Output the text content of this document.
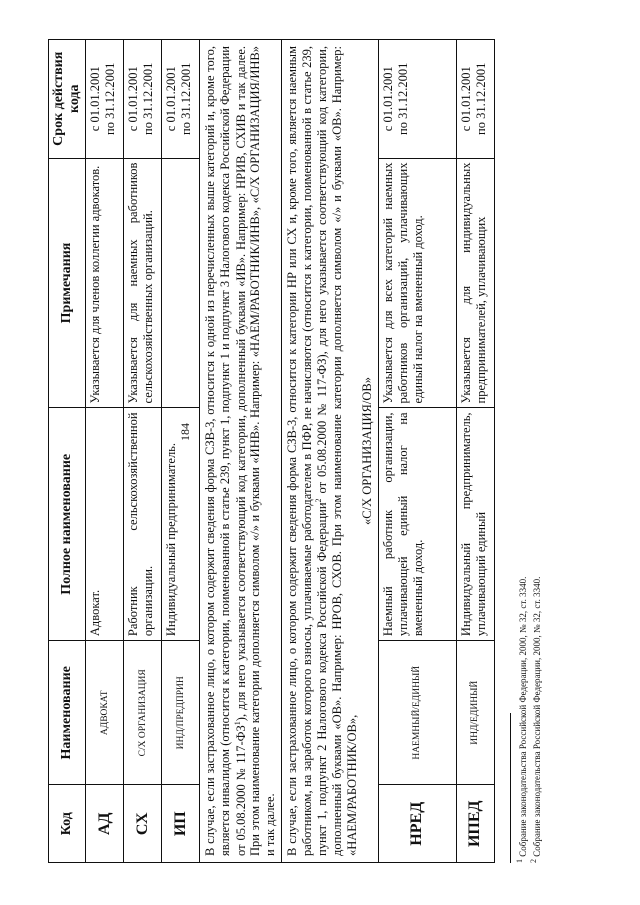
184
Код	Наименование	Полное наименование	Примечания	Срок действия кода
АД	АДВОКАТ	Адвокат.	Указывается для членов коллегии адвокатов.	с 01.01.2001 по 31.12.2001

СХ	С/Х ОРГАНИЗАЦИЯ	Работник сельскохозяйственной организации.	Указывается для наемных работников сельскохозяйственных организаций.	с 01.01.2001 по 31.12.2001

ИП	ИНД/ПРЕДПРИН	Индивидуальный предприниматель.		с 01.01.2001 по 31.12.2001

В случае, если застрахованное лицо, о котором содержит сведения форма СЗВ-3, относится к одной из перечисленных выше категорий и, кроме того, является инвалидом (относится к категории, поименованной в статье 239, пункт 1, подпункт 1 и подпункт 3 Налогового кодекса Российской Федерации от 05.08.2000 № $117-ФЗ^1$), для него указывается соответствующий код категории, дополненный буквами «ИВ». Например: НРИВ, СХИВ и так далее. При этом наименование категории дополняется символом «/» и буквами «ИНВ». Например: «НАЕМ/РАБОТНИК/ИНВ», «С/Х ОРГАНИЗАЦИЯ/ИНВ» и так далее.				
В случае, если застрахованное лицо, о котором содержит сведения форма СЗВ-3, относится к категории НР или СХ и, кроме того, является наемным работником, на заработок которого взносы, уплачиваемые работодателем в ПФР, не начисляются (относится к категории, поименованной в статье 239, пункт 1, подпункт 2 Налогового кодекса Российской Федерации$^2$ от 05.08.2000 № 117-ФЗ), для него указывается соответствующий код категории, дополненный буквами «ОВ». Например: НРОВ, СХОВ. При этом наименование категории дополняется символом «/» и буквами «ОВ». Например: «НАЕМ/РАБОТНИК/ОВ»,
«С/Х ОРГАНИЗАЦИЯ/ОВ»				

НРЕД	НАЕМНЫЙ/ЕДИНЫЙ	Наемный работник организации, уплачивающей единый налог на вмененный доход.	Указывается для всех категорий наемных работников организаций, уплачивающих единый налог на вмененный доход.	с 01.01.2001 по 31.12.2001

ИПЕД	ИНД/ЕДИНЫЙ	Индивидуальный предприниматель, уплачивающий единый	Указывается для индивидуальных предпринимателей, уплачивающих	с 01.01.2001 по 31.12.2001
$^1$ Собрание законодательства Российской Федерации, 2000, № 32, ст. 3340.
$^2$ Собрание законодательства Российской Федерации, 2000, № 32, ст. 3340.
